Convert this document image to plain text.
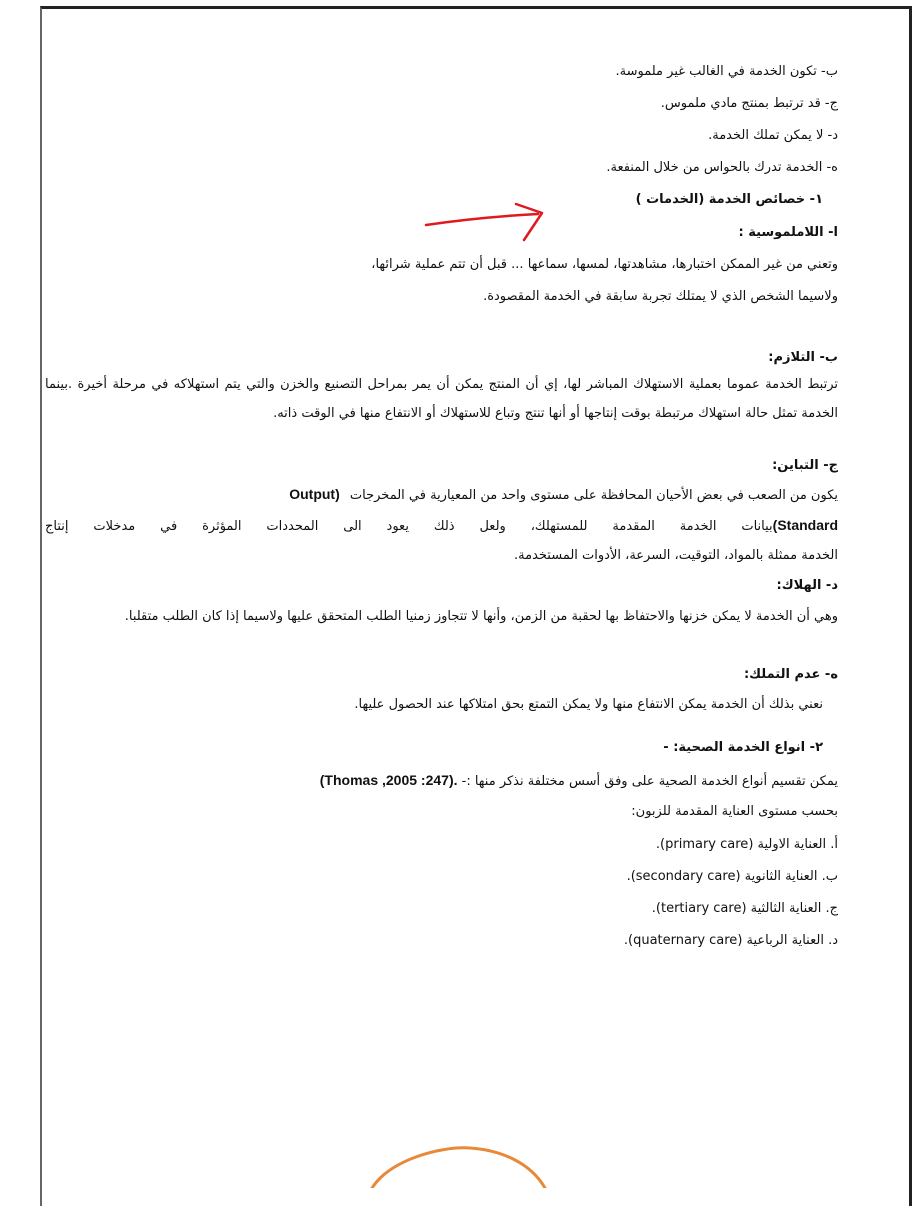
ب- تكون الخدمة في الغالب غير ملموسة.
ج- قد ترتبط بمنتج مادي ملموس.
د- لا يمكن تملك الخدمة.
ه- الخدمة تدرك بالحواس من خلال المنفعة.
١- خصائص الخدمة (الخدمات )
ا- اللاملموسية :
وتعني من غير الممكن اختبارها، مشاهدتها، لمسها، سماعها ... قبل أن تتم عملية شرائها،
ولاسيما الشخص الذي لا يمتلك تجربة سابقة في الخدمة المقصودة.
ب- التلازم:
ترتبط الخدمة عموما بعملية الاستهلاك المباشر لها، إي أن المنتج يمكن أن يمر بمراحل التصنيع والخزن والتي يتم استهلاكه في مرحلة أخيرة .بينما الخدمة تمثل حالة استهلاك مرتبطة بوقت إنتاجها أو أنها تنتج وتباع للاستهلاك أو الانتفاع منها في الوقت ذاته.
ج- التباين:
يكون من الصعب في بعض الأحيان المحافظة على مستوى واحد من المعيارية في المخرجات Output)
(Standardبيانات الخدمة المقدمة للمستهلك، ولعل ذلك يعود الى المحددات المؤثرة في مدخلات إنتاج
الخدمة ممثلة بالمواد، التوقيت، السرعة، الأدوات المستخدمة.
د- الهلاك:
وهي أن الخدمة لا يمكن خزنها والاحتفاظ بها لحقبة من الزمن، وأنها لا تتجاوز زمنيا الطلب المتحقق عليها ولاسيما إذا كان الطلب متقلبا.
ه- عدم التملك:
نعني بذلك أن الخدمة يمكن الانتفاع منها ولا يمكن التمتع بحق امتلاكها عند الحصول عليها.
٢- انواع الخدمة الصحية: -
يمكن تقسيم أنواع الخدمة الصحية على وفق أسس مختلفة نذكر منها :- (Thomas ,2005 :247).
بحسب مستوى العناية المقدمة للزبون:
أ. العناية الاولية (primary care).
ب. العناية الثانوية (secondary care).
ج. العناية الثالثية (tertiary care).
د. العناية الرباعية (quaternary care).
